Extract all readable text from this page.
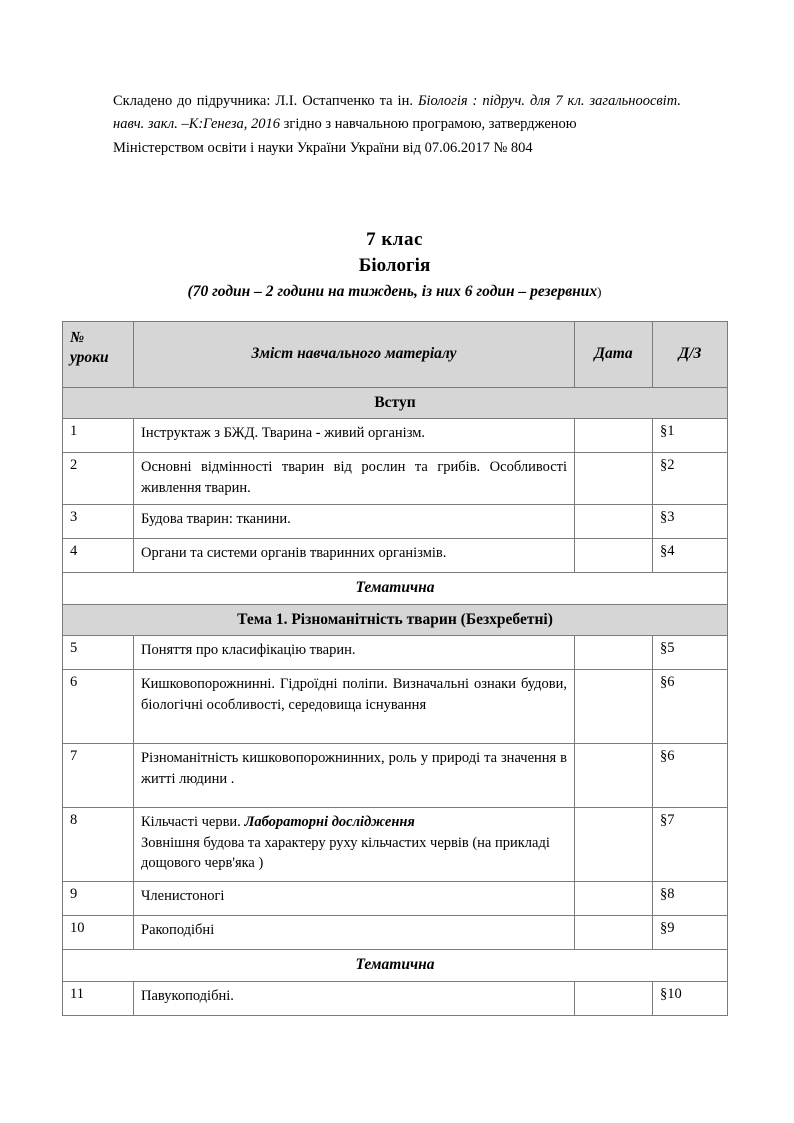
Складено до підручника: Л.І. Остапченко та ін. Біологія : підруч. для 7 кл. загальноосвіт. навч. закл. –К:Генеза, 2016 згідно з навчальною програмою, затвердженою
Міністерством освіти і науки України України від 07.06.2017 № 804
7 клас
Біологія
(70 годин – 2 години на тиждень, із них 6 годин – резервних)
№
уроки	Зміст навчального матеріалу	Дата	Д/З
Вступ			
1	Інструктаж з БЖД. Тварина - живий організм.		§1
2	Основні відмінності тварин від рослин та грибів. Особливості живлення тварин.		§2
3	Будова тварин: тканини.		§3
4	Органи та системи органів тваринних організмів.		§4
Тематична			
Тема 1. Різноманітність тварин (Безхребетні)			
5	Поняття про класифікацію тварин.		§5
6	Кишковопорожнинні. Гідроїдні поліпи. Визначальні ознаки будови, біологічні особливості, середовища існування		§6
7	Різноманітність кишковопорожнинних, роль у природі та значення в житті людини .		§6
8	Кільчасті черви. Лабораторні дослідження
Зовнішня будова та характеру руху кільчастих червів (на прикладі дощового черв'яка )		§7
9	Членистоногі		§8
10	Ракоподібні		§9
Тематична			
11	Павукоподібні.		§10
